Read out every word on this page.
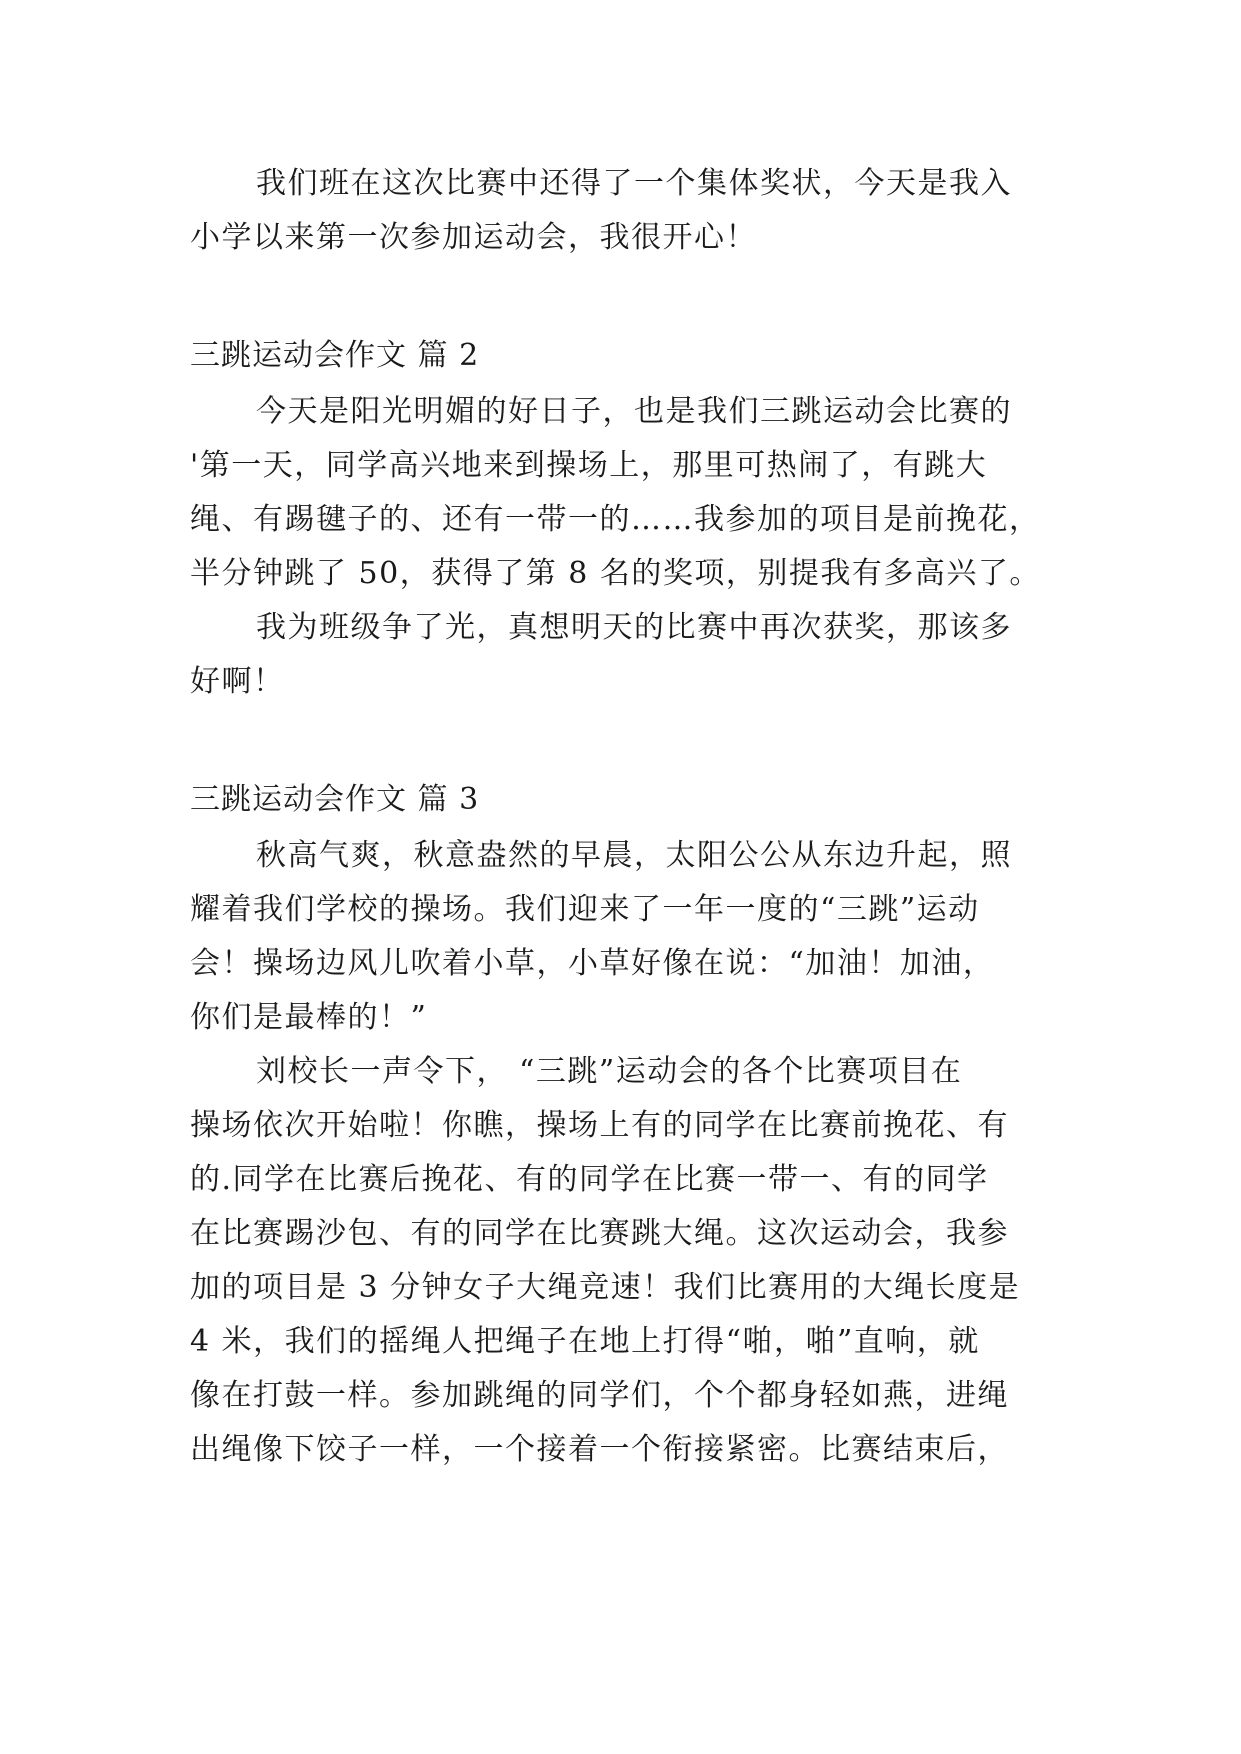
我们班在这次比赛中还得了一个集体奖状，今天是我入
小学以来第一次参加运动会，我很开心！
三跳运动会作文 篇 2
今天是阳光明媚的好日子，也是我们三跳运动会比赛的
'第一天，同学高兴地来到操场上，那里可热闹了，有跳大
绳、有踢毽子的、还有一带一的……我参加的项目是前挽花，
半分钟跳了 50，获得了第 8 名的奖项，别提我有多高兴了。
我为班级争了光，真想明天的比赛中再次获奖，那该多
好啊！
三跳运动会作文 篇 3
秋高气爽，秋意盎然的早晨，太阳公公从东边升起，照
耀着我们学校的操场。我们迎来了一年一度的“三跳”运动
会！操场边风儿吹着小草，小草好像在说：“加油！加油，
你们是最棒的！”
刘校长一声令下， “三跳”运动会的各个比赛项目在
操场依次开始啦！你瞧，操场上有的同学在比赛前挽花、有
的.同学在比赛后挽花、有的同学在比赛一带一、有的同学
在比赛踢沙包、有的同学在比赛跳大绳。这次运动会，我参
加的项目是 3 分钟女子大绳竞速！我们比赛用的大绳长度是
4 米，我们的摇绳人把绳子在地上打得“啪，啪”直响，就
像在打鼓一样。参加跳绳的同学们，个个都身轻如燕，进绳
出绳像下饺子一样，一个接着一个衔接紧密。比赛结束后，
